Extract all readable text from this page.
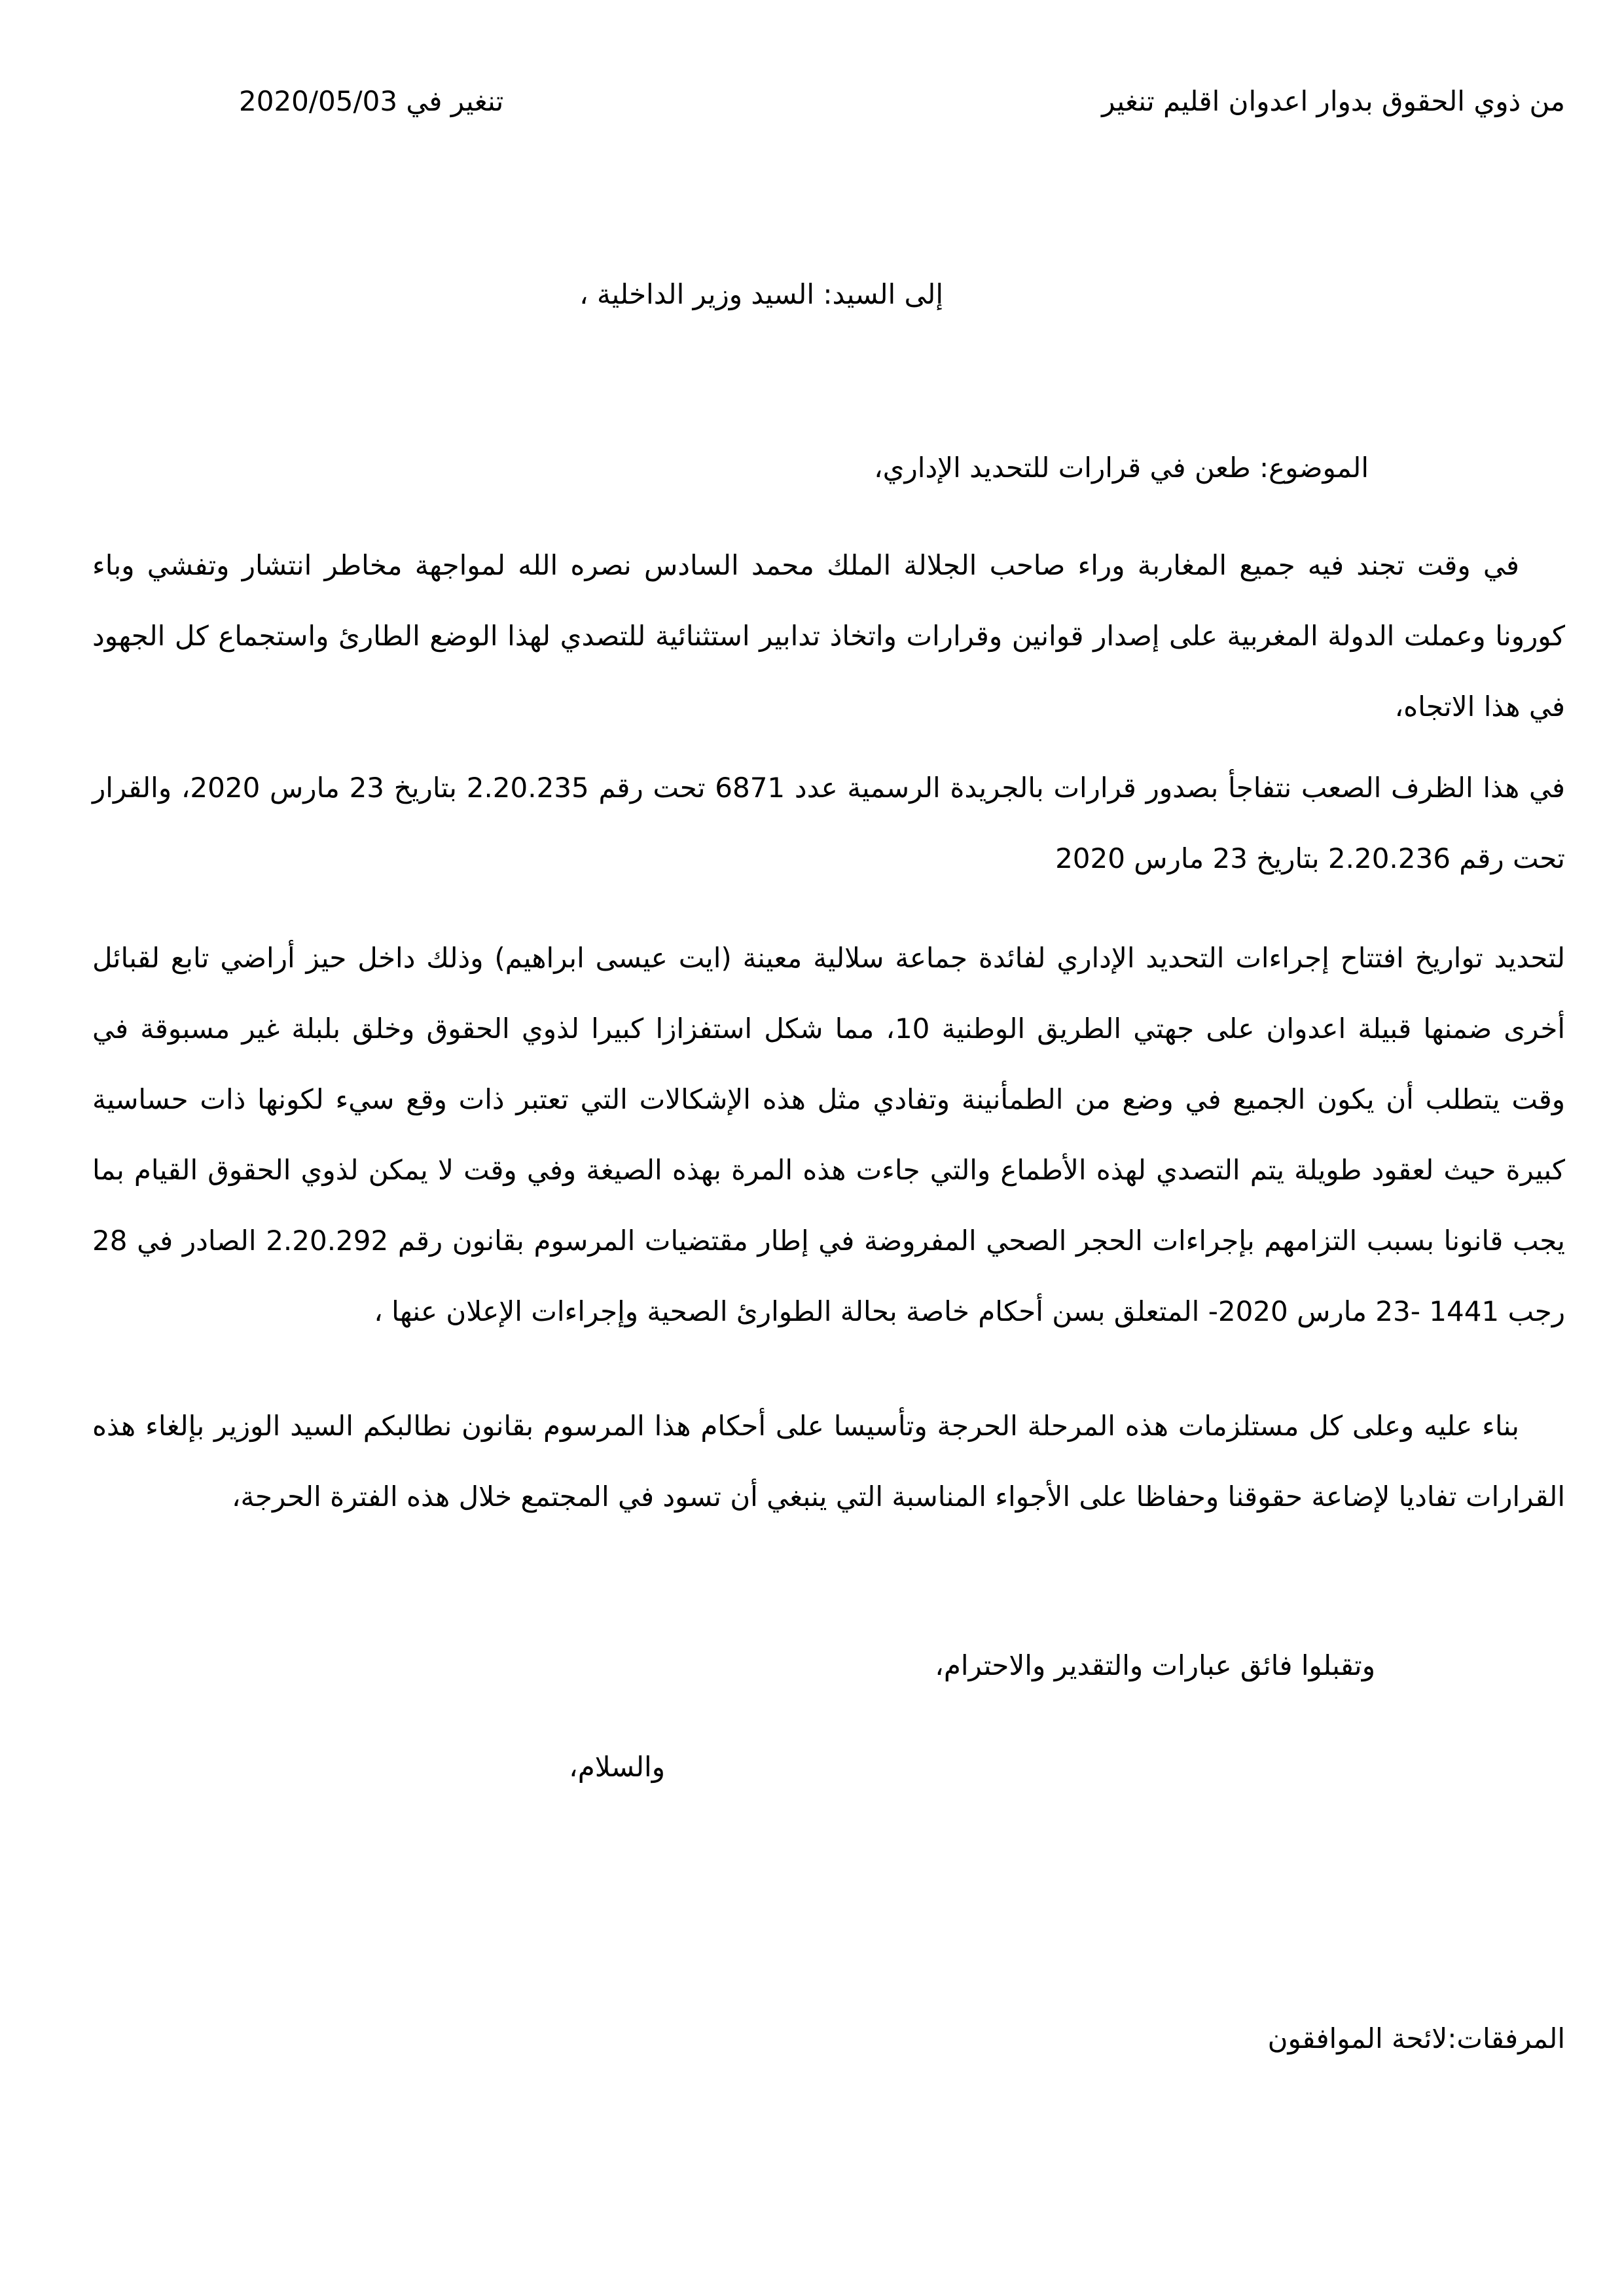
من ذوي الحقوق بدوار اعدوان اقليم تنغير
تنغير في 2020/05/03
إلى السيد: السيد وزير الداخلية ،
الموضوع: طعن في قرارات للتحديد الإداري،

في وقت تجند فيه جميع المغاربة وراء صاحب الجلالة الملك محمد السادس نصره الله لمواجهة مخاطر انتشار وتفشي وباء كورونا وعملت الدولة المغربية على إصدار قوانين وقرارات واتخاذ تدابير استثنائية للتصدي لهذا الوضع الطارئ واستجماع كل الجهود في هذا الاتجاه،

في هذا الظرف الصعب نتفاجأ بصدور قرارات بالجريدة الرسمية عدد 6871 تحت رقم 2.20.235 بتاريخ 23 مارس 2020، والقرار تحت رقم 2.20.236 بتاريخ 23 مارس 2020

لتحديد تواريخ افتتاح إجراءات التحديد الإداري لفائدة جماعة سلالية معينة (ايت عيسى ابراهيم) وذلك داخل حيز أراضي تابع لقبائل أخرى ضمنها قبيلة اعدوان على جهتي الطريق الوطنية 10، مما شكل استفزازا كبيرا لذوي الحقوق وخلق بلبلة غير مسبوقة في وقت يتطلب أن يكون الجميع في وضع من الطمأنينة وتفادي مثل هذه الإشكالات التي تعتبر ذات وقع سيء لكونها ذات حساسية كبيرة حيث لعقود طويلة يتم التصدي لهذه الأطماع والتي جاءت هذه المرة بهذه الصيغة وفي وقت لا يمكن لذوي الحقوق القيام بما يجب قانونا بسبب التزامهم بإجراءات الحجر الصحي المفروضة في إطار مقتضيات المرسوم بقانون رقم 2.20.292 الصادر في 28 رجب 1441 -23 مارس 2020- المتعلق بسن أحكام خاصة بحالة الطوارئ الصحية وإجراءات الإعلان عنها ،

بناء عليه وعلى كل مستلزمات هذه المرحلة الحرجة وتأسيسا على أحكام هذا المرسوم بقانون نطالبكم السيد الوزير بإلغاء هذه القرارات تفاديا لإضاعة حقوقنا وحفاظا على الأجواء المناسبة التي ينبغي أن تسود في المجتمع خلال هذه الفترة الحرجة،

وتقبلوا فائق عبارات والتقدير والاحترام،
والسلام،
المرفقات:لائحة الموافقون
